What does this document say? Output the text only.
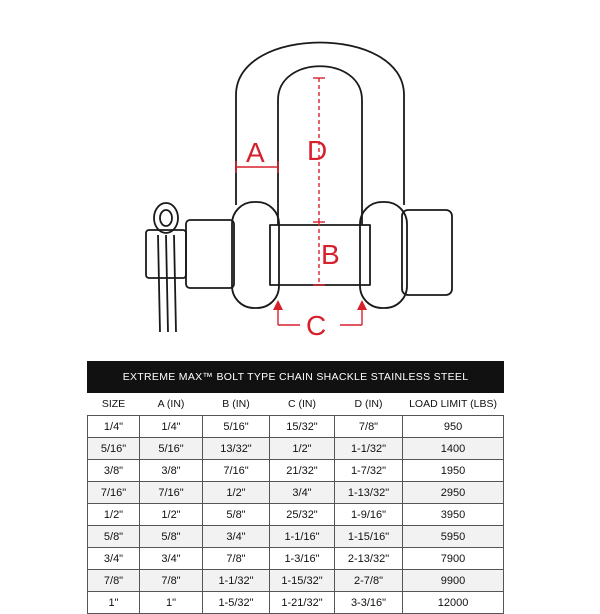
A D
B
C
EXTREME MAX™ BOLT TYPE CHAIN SHACKLE STAINLESS STEEL					
SIZE	A (IN)	B (IN)	C (IN)	D (IN)	LOAD LIMIT (LBS)
1/4"	1/4"	5/16"	15/32"	7/8"	950
5/16"	5/16"	13/32"	1/2"	1-1/32"	1400
3/8"	3/8"	7/16"	21/32"	1-7/32"	1950
7/16"	7/16"	1/2"	3/4"	1-13/32"	2950
1/2"	1/2"	5/8"	25/32"	1-9/16"	3950
5/8"	5/8"	3/4"	1-1/16"	1-15/16"	5950
3/4"	3/4"	7/8"	1-3/16"	2-13/32"	7900
7/8"	7/8"	1-1/32"	1-15/32"	2-7/8"	9900
1"	1"	1-5/32"	1-21/32"	3-3/16"	12000
